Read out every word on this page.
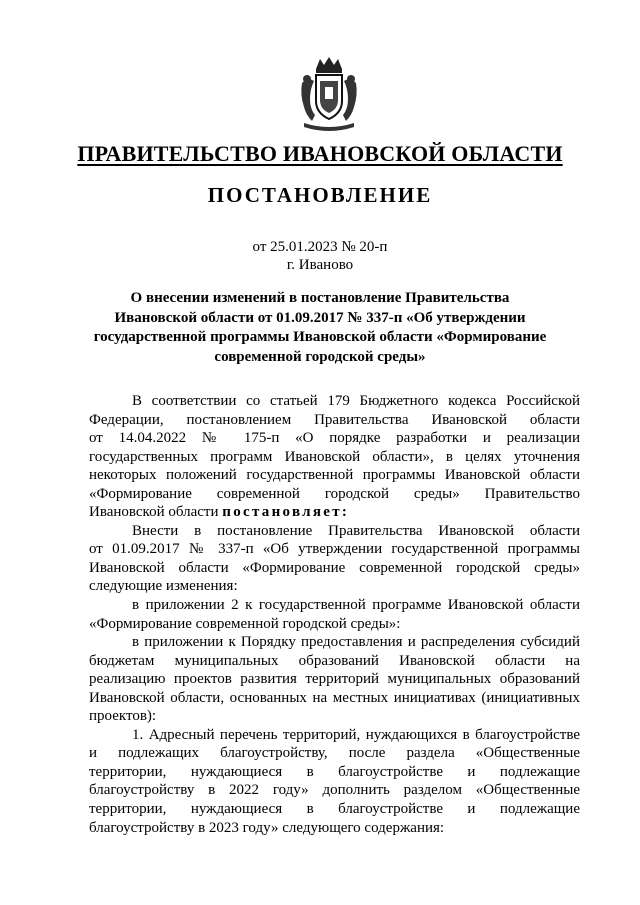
ПРАВИТЕЛЬСТВО ИВАНОВСКОЙ ОБЛАСТИ
ПОСТАНОВЛЕНИЕ
от 25.01.2023 № 20-п
г. Иваново
О внесении изменений в постановление Правительства
Ивановской области от 01.09.2017 № 337-п «Об утверждении
государственной программы Ивановской области «Формирование
современной городской среды»
В соответствии со статьей 179 Бюджетного кодекса Российской
Федерации, постановлением Правительства Ивановской области
от 14.04.2022 № 175-п «О порядке разработки и реализации
государственных программ Ивановской области», в целях уточнения
некоторых положений государственной программы Ивановской области
«Формирование современной городской среды» Правительство
Ивановской области постановляет:
Внести в постановление Правительства Ивановской области
от 01.09.2017 № 337-п «Об утверждении государственной программы
Ивановской области «Формирование современной городской среды»
следующие изменения:
в приложении 2 к государственной программе Ивановской области
«Формирование современной городской среды»:
в приложении к Порядку предоставления и распределения субсидий
бюджетам муниципальных образований Ивановской области на
реализацию проектов развития территорий муниципальных образований
Ивановской области, основанных на местных инициативах (инициативных
проектов):
1. Адресный перечень территорий, нуждающихся в благоустройстве
и подлежащих благоустройству, после раздела «Общественные
территории, нуждающиеся в благоустройстве и подлежащие
благоустройству в 2022 году» дополнить разделом «Общественные
территории, нуждающиеся в благоустройстве и подлежащие
благоустройству в 2023 году» следующего содержания:
